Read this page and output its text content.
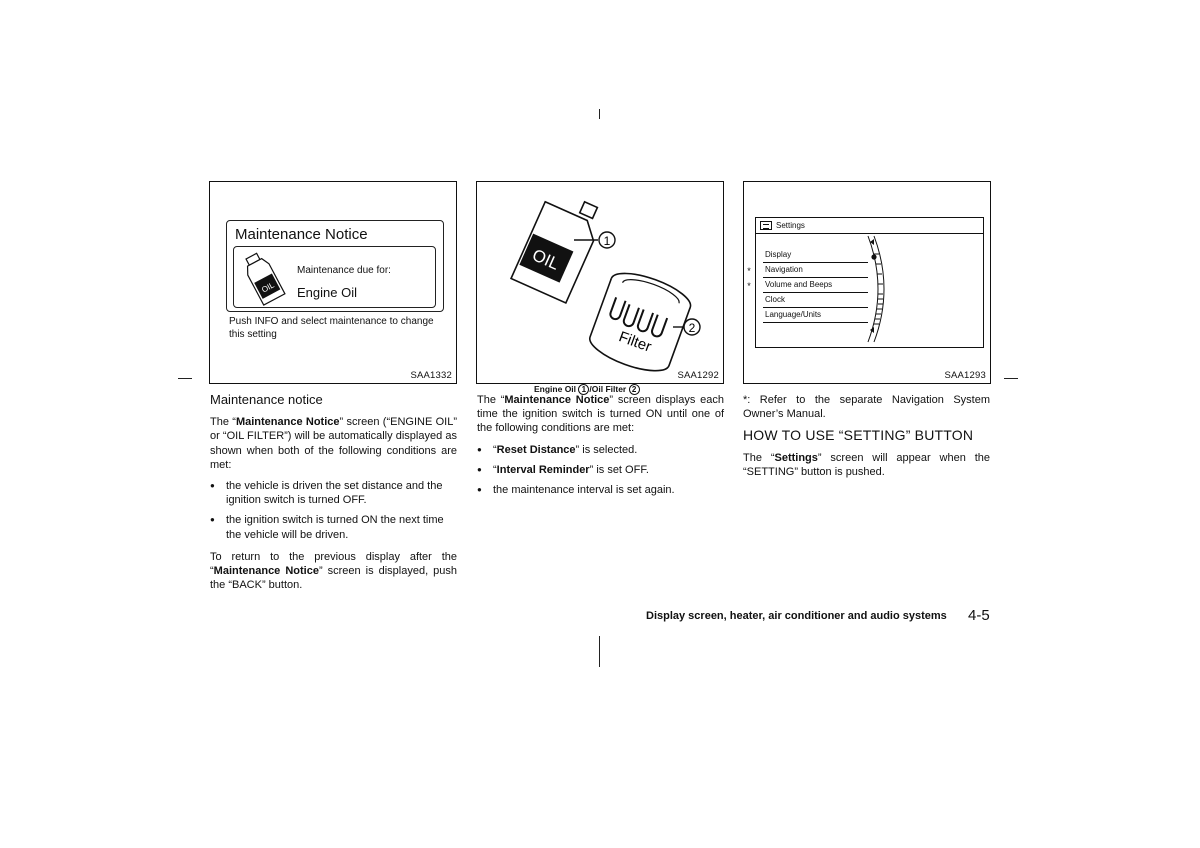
Maintenance Notice
OIL
Maintenance due for:
Engine Oil
Push INFO and select maintenance to change this setting
SAA1332
OIL
1
Filter
2
SAA1292
Engine Oil 1 /Oil Filter 2
Settings
Display
Navigation
Volume and Beeps
Clock
Language/Units
*
*
SAA1293
Maintenance notice

The “Maintenance Notice” screen (“ENGINE OIL” or “OIL FILTER”) will be automatically displayed as shown when both of the following conditions are met:

● the vehicle is driven the set distance and the ignition switch is turned OFF.
● the ignition switch is turned ON the next time the vehicle will be driven.

To return to the previous display after the “Maintenance Notice” screen is displayed, push the “BACK” button.

The “Maintenance Notice” screen displays each time the ignition switch is turned ON until one of the following conditions are met:

● “Reset Distance” is selected.
● “Interval Reminder” is set OFF.
● the maintenance interval is set again.

*: Refer to the separate Navigation System Owner’s Manual.

HOW TO USE “SETTING” BUTTON

The “Settings” screen will appear when the “SETTING” button is pushed.

Display screen, heater, air conditioner and audio systems 4-5
